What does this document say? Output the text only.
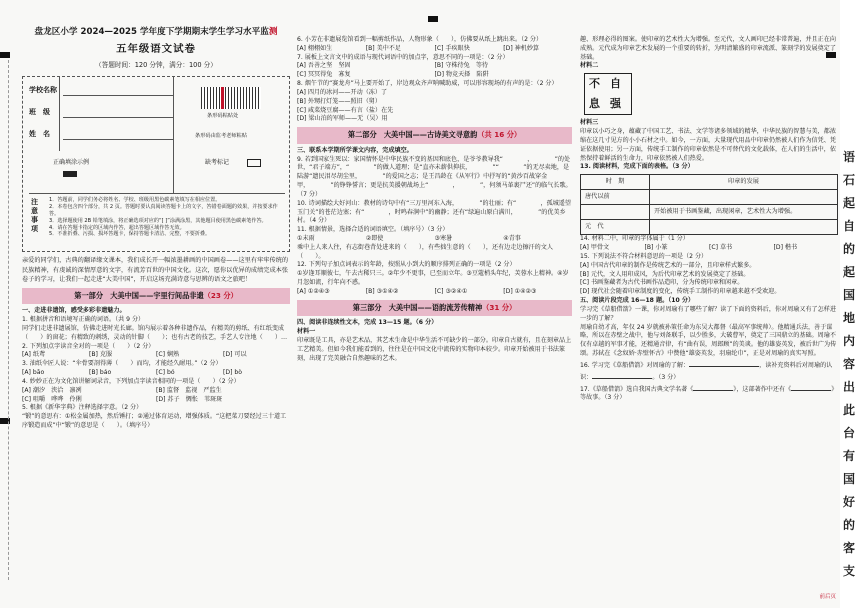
盘龙区小学 2024—2025 学年度下学期期末学生学习水平监测
五年级语文试卷
（答题时间：120 分钟，满分：100 分）
学校名称
班　级
姓　名
条形码粘贴处
条形码由监考老师粘贴
正确填涂示例	缺考标记
注意事项
1．答题前，同学们务必将姓名、学校、班级用黑色碳素笔填写在相应位置。
2．本卷包含四个部分，共 2 页。答题时要认真阅读答题卡上的文字，答错卷面题的效果，并按要求作答。
3．选择题使用 2B 铅笔填涂，将正确选项对应的“[ ]”涂满涂黑，其他题目使用黑色碳素笔作答。
4．请在答题卡指定的区域内作答，超出答题区域作答无效。
5．不准折叠、污损、损坏答题卡，保持答题卡清洁、完整，不要折叠。

亲爱的同学们，古典的翻译缘文课本，我们成长开一幅浓墨耕画的中国画卷——这里有牢牢传统的民族精神，有虔诚的深情厚意的文字，有流芳百世的中国文化。这次，愿你以优异的成绩完成本张卷子的学习，让我们一起走进“大美中国”，开启这场充满诗意与思辨的语文之旅吧！

第一部分　大美中国——宇里行间品非遗（23 分）

一、走进非遗馆，感受多彩非遗魅力。

1. 根据拼音和语境写正确的词语。（共 9 分）

同学们走进非遗展馆，仿佛走进时光长廊。馆内展示着各种非遗作品，有精美的剪纸、有红纸变成（　　）的窗花；有精致的刺绣，灵动的针脚（　　）；也有古老的技艺，手艺人专注地（　　）…

2. 下列加点字读音全对的一项是（　　）（2 分）

[A] 纸鸢	[B] 克服	[C] 娴熟	[D] 可以

3. 油纸伞匠人说：“伞骨要剖得薄（　　）而均，才能经久耐用。”（2 分）

[A] bāo	[B] báo	[C] bó	[D] bò

4. 妙妙正在为文化馆讲解词录音，下列加点字读音相同的一项是（　　）（2 分）

[A] 潮汐　浃洽　凛冽	[B] 监督　监视　严监生
[C] 咀嚼　哗哗　伶俐	[D] 苏子　惆怅　苇斑斑

5. 根据《新华字典》注释选择字意。（2 分）

“锻”的意思有：①松金属加热，然后锤打；②通过体育运动，增强体质。“这把菜刀要经过三十道工序锻造而成”中“锻”的意思是（　　）。（填序号）

6. 小芳在非遗展览馆看到一幅剪纸作品，人物形象（　　），仿佛要从纸上跳出来。（2 分）

[A] 栩栩如生	[B] 美中不足	[C] 手疾眼快	[D] 神机妙算

7. 展板上文言文中的成语与现代词语中的加点字，意思不同的一项是：（2 分）

[A] 吾善之坚　坚固	[B] 守株待兔　等待
[C] 冥冥得兔　寡复	[D] 物竞天择　陷阱

8. 烟午节的“赛龙舟”马上要开始了，岸边观众齐声呐喊助威，可以形容现场的有声的是：（2 分）

[A] 四月的冰河——开动（冻）了
[B] 外甥打灯笼——照旧（舅）
[C] 咸菜烧豆腐——有言（盐）在先
[D] 梁山泊的军师——无（吴）用
第二部分　大美中国——古诗美文寻意韵（共 16 分）

三、联系本学期所学课文内容，完成填空。

9. 若到国家生死以：家国情怀是中华民族不变的基因和底色，是爷爷教导我“　　　　，　　　　”的处世，“君子端方”，“　　　　”的做人道理；是“直亦未薪供抑扶，　　　　”“　　　　”的无尽卖地，是陆游“遗民泪尽胡尘里，　　　　”的爱国之志；是王昌龄在《从军行》中抒写的“黄沙百战穿金甲，　　　　”的铮铮誓言；更是抗美援朝战场上“　　　　，　　　　”，何须马革裹尸还”的临气长歌。（7 分）

10. 诗词描绘大好河山：教材的诗句中有“三万里河东入海，　　　　”的壮丽；有“　　　　，孤城遥望玉门关”的苍茫边塞；有“　　　　，时鸣春涧中”的幽静；还有“绿遍山原白满川，　　　　”的优美乡村。（4 分）

11. 根据情景，选择合适的词语填空。（填序号）（3 分）

①未雨	②即使	③寒暑	④青事

乘中上人来人往，有志街巷背处进来的（　　），有些拙生意的（　　），还有边走边擦汗的文人（　　）。

12. 下列句子加点词表示的年龄，按照从小到大的顺序排列正确的一项是（2 分）

①岁逢耳顺彼七，午去古稀只三。②年少不更事，已至而立年。③豆蔻梢头年纪，芙蓉水上精神。④岁月忽如流，行年向不惑。

[A] ①②④③	[B] ③①④②	[C] ③②④①	[D] ①④②③
第三部分　大美中国——语韵流芳传精神（31 分）

四、阅读非连续性文本，完成 13—15 题。（6 分）

材料一

印章既是工具，亦是艺术品，其艺术生命是中华生活不可缺少的一部分。印章自古就有，且在刻章品上工艺精美。但如今我们能看到的，往往是在中国文化中流传的实物印本较少。印章开始被用于书法篆刻，出现了完美融合自然趣味的艺术。

趣、形理必得的图案。使印章的艺术性大为增强。至元代，文人画印已经非常普遍，并且正在向成熟。元代成为印章艺术发展的一个重要的转折，为明清繁盛的印章流派、篆刻学的发展奠定了基础。

材料二

不 自
息 强

材料三

印章以小巧之身，蕴藏了中国工艺、书法、文学等诸多领域的精华，中华民族的智慧与美，都浓缩在这几寸见方的小小石材之中。如今，一方面，大量现代用品中印章仍然被人们作为信凭、凭证依据使用；另一方面，传统手工制作的印章依然是不可替代的文化载体，在人们的生活中，依然保持着鲜活的生命力，印章依然被人们热爱。

13. 阅读材料，完成下面的表格。（3 分）

时　期	印章的发展
唐代以前	
	开始被用于书画鉴藏，出现闲章，艺术性大为增强。
元　代	

14. 材料二中，印章的字体属于（1 分）

[A] 甲骨文	[B] 小篆	[C] 草书	[D] 楷书

15. 下列说法不符合材料意思的一项是（2 分）

[A] 中国古代印章的制作是传统艺术的一部分，且印章样式繁多。
[B] 元代，文人用印成风，为后代印章艺术的发展奠定了基础。
[C] 书画鉴藏者为古代书画作品造印，分为传统印章和闲章。
[D] 现代社会随着印章制度的变化，传统手工制作的印章越来越不受欢迎。

五、阅读片段完成 16—18 题。（10 分）

学习完《草船借箭》一课，你对周瑜有了哪些了解？读了下面的资料后，你对周瑜又有了怎样进一步的了解？

周瑜自幼才高，年仅 24 岁就被孙策任命为东吴大都督（最高军事统帅）。他精通兵法，善于谋略，所以在赤壁之战中，他与刘备联手，以少胜多，大破曹军，奠定了三国鼎立的基础。周瑜不仅有卓越的军事才能，还精通音律，有“曲有误，周郎顾”的美谈。他的雄姿英发，被后世广为传颂。苏轼在《念奴娇·赤壁怀古》中赞他“雄姿英发，羽扇纶巾”，正是对周瑜的真实写照。

16. 学习完《草船借箭》对周瑜的了解：	，读补充资料后对周瑜的认识：	。（3 分）

17.《草船借箭》选自我国古典文学名著《	》，这部著作中还有《	》等故事。（3 分）

前后页
语
石
起
自
的
起
国
地
内
容
出
此
台
有
国
好
的
客
支
